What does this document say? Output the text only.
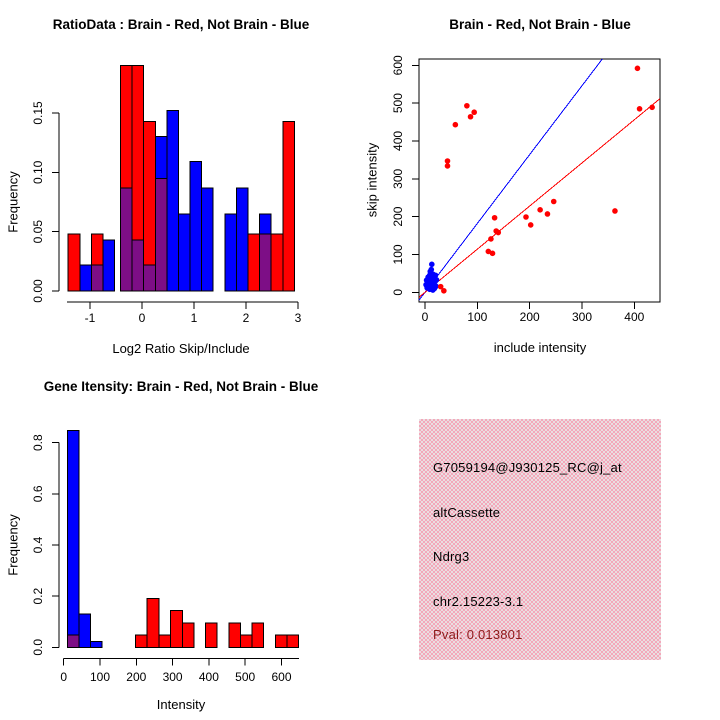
0.00
0.05
0.10
0.15
-1	0	1	2	3
0.0
0.2
0.4
0.6
0.8
0 100 200 300 400 500 600
0
100
200
300
400
500
600
0	100	200	300	400
RatioData : Brain - Red, Not Brain - Blue	Brain - Red, Not Brain - Blue
Gene Itensity: Brain - Red, Not Brain - Blue
Log2 Ratio Skip/Include	include intensity
Intensity
Frequency	skip intensity
Frequency
G7059194@J930125_RC@j_at
altCassette
Ndrg3
chr2.15223-3.1
Pval: 0.013801
